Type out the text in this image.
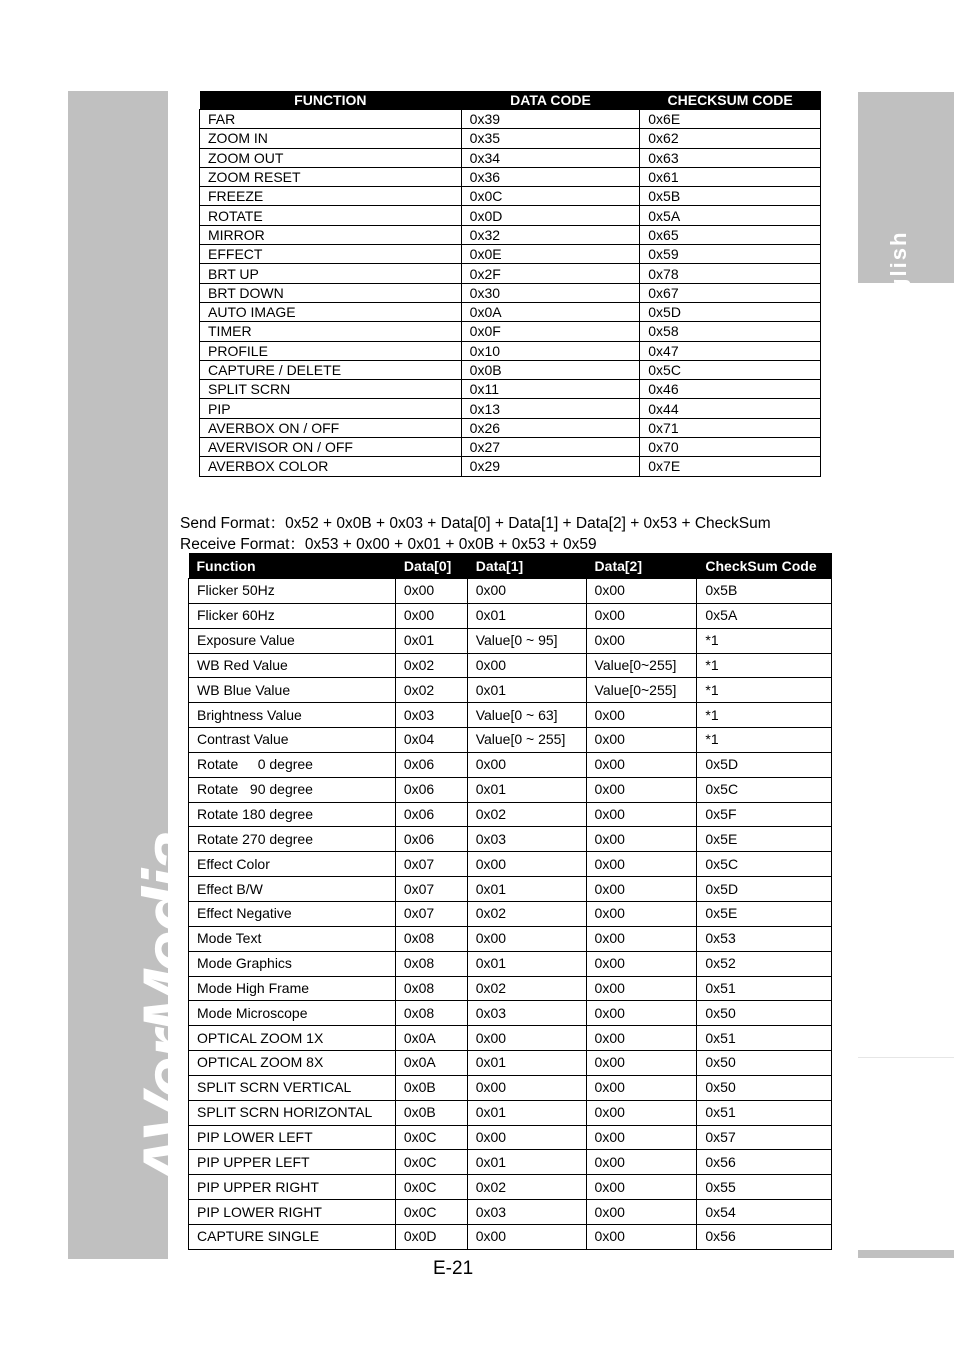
AVerMedia
English
FUNCTION	DATA CODE	CHECKSUM CODE
FAR	0x39	0x6E
ZOOM IN	0x35	0x62
ZOOM OUT	0x34	0x63
ZOOM RESET	0x36	0x61
FREEZE	0x0C	0x5B
ROTATE	0x0D	0x5A
MIRROR	0x32	0x65
EFFECT	0x0E	0x59
BRT UP	0x2F	0x78
BRT DOWN	0x30	0x67
AUTO IMAGE	0x0A	0x5D
TIMER	0x0F	0x58
PROFILE	0x10	0x47
CAPTURE / DELETE	0x0B	0x5C
SPLIT SCRN	0x11	0x46
PIP	0x13	0x44
AVERBOX ON / OFF	0x26	0x71
AVERVISOR ON / OFF	0x27	0x70
AVERBOX COLOR	0x29	0x7E
Send Format：0x52 + 0x0B + 0x03 + Data[0] + Data[1] + Data[2] + 0x53 + CheckSum
Receive Format：0x53 + 0x00 + 0x01 + 0x0B + 0x53 + 0x59
Function	Data[0]	Data[1]	Data[2]	CheckSum Code
Flicker 50Hz	0x00	0x00	0x00	0x5B
Flicker 60Hz	0x00	0x01	0x00	0x5A
Exposure Value	0x01	Value[0 ~ 95]	0x00	*1
WB Red Value	0x02	0x00	Value[0~255]	*1
WB Blue Value	0x02	0x01	Value[0~255]	*1
Brightness Value	0x03	Value[0 ~ 63]	0x00	*1
Contrast Value	0x04	Value[0 ~ 255]	0x00	*1
Rotate     0 degree	0x06	0x00	0x00	0x5D
Rotate   90 degree	0x06	0x01	0x00	0x5C
Rotate 180 degree	0x06	0x02	0x00	0x5F
Rotate 270 degree	0x06	0x03	0x00	0x5E
Effect Color	0x07	0x00	0x00	0x5C
Effect B/W	0x07	0x01	0x00	0x5D
Effect Negative	0x07	0x02	0x00	0x5E
Mode Text	0x08	0x00	0x00	0x53
Mode Graphics	0x08	0x01	0x00	0x52
Mode High Frame	0x08	0x02	0x00	0x51
Mode Microscope	0x08	0x03	0x00	0x50
OPTICAL ZOOM 1X	0x0A	0x00	0x00	0x51
OPTICAL ZOOM 8X	0x0A	0x01	0x00	0x50
SPLIT SCRN VERTICAL	0x0B	0x00	0x00	0x50
SPLIT SCRN HORIZONTAL	0x0B	0x01	0x00	0x51
PIP LOWER LEFT	0x0C	0x00	0x00	0x57
PIP UPPER LEFT	0x0C	0x01	0x00	0x56
PIP UPPER RIGHT	0x0C	0x02	0x00	0x55
PIP LOWER RIGHT	0x0C	0x03	0x00	0x54
CAPTURE SINGLE	0x0D	0x00	0x00	0x56
E-21
